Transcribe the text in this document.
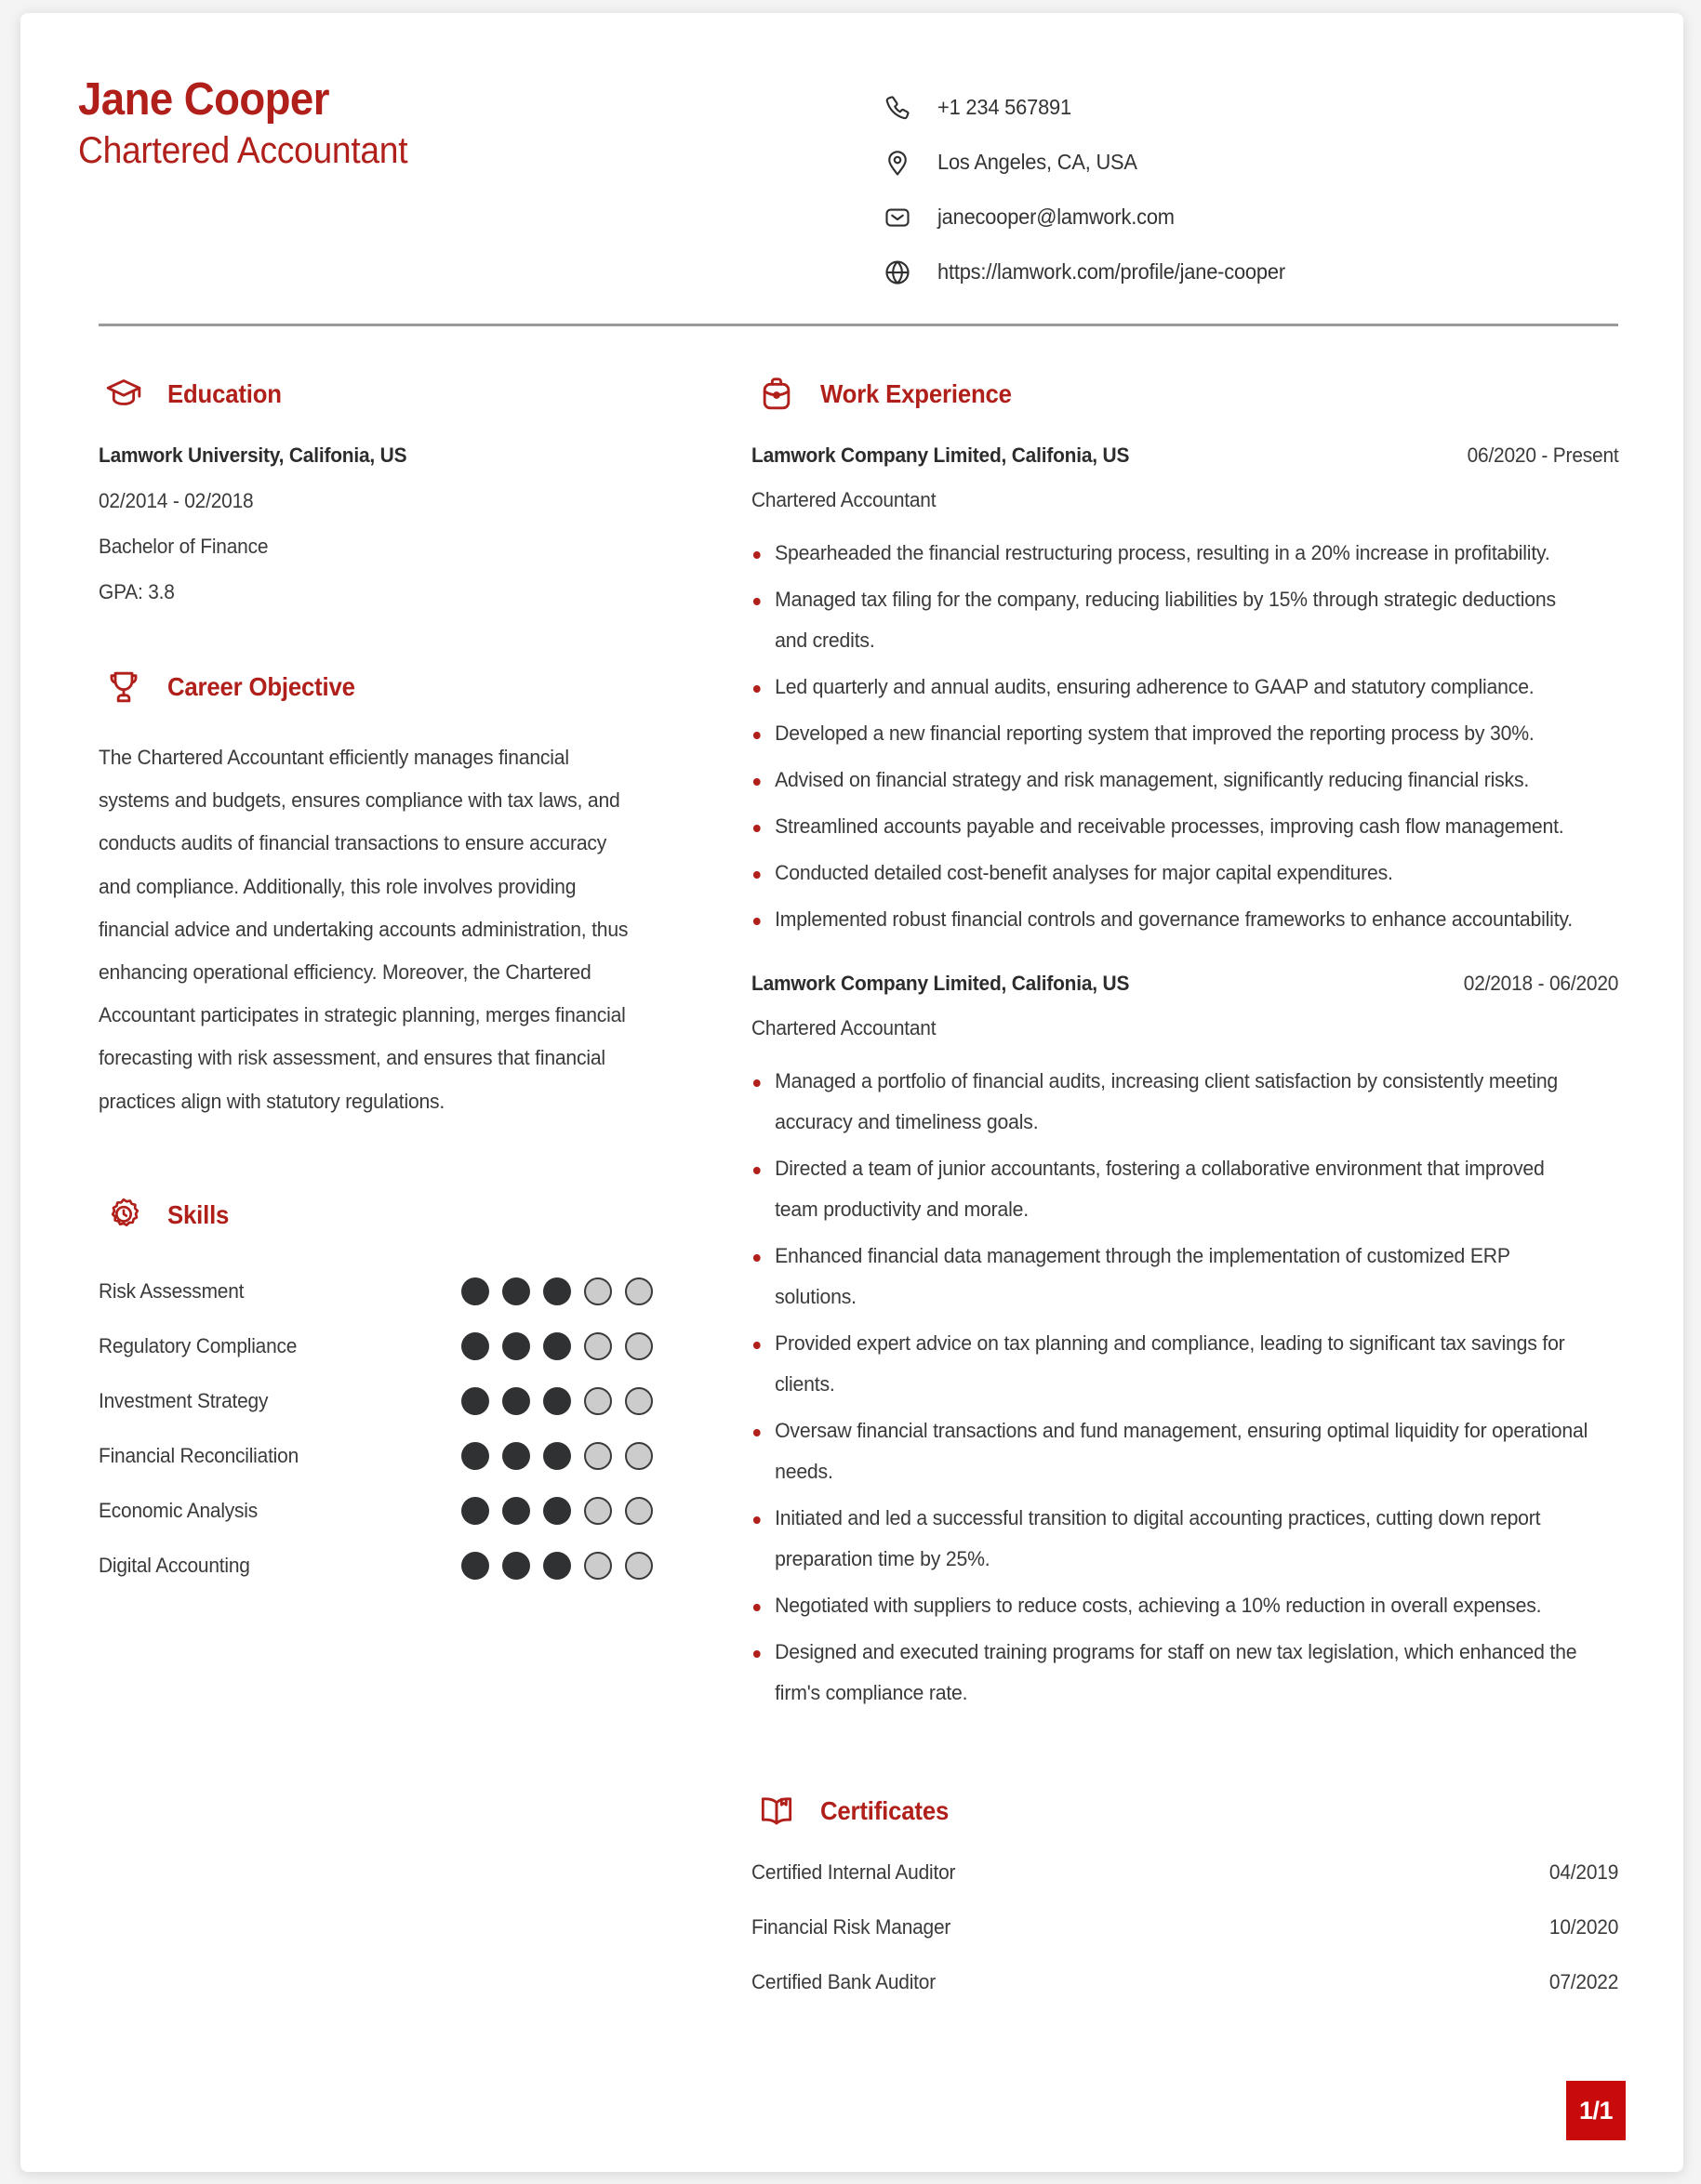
Jane Cooper
Chartered Accountant
+1 234 567891
Los Angeles, CA, USA
janecooper@lamwork.com
https://lamwork.com/profile/jane-cooper
Education
Lamwork University, Califonia, US
02/2014 - 02/2018
Bachelor of Finance
GPA: 3.8
Career Objective
The Chartered Accountant efficiently manages financial systems and budgets, ensures compliance with tax laws, and conducts audits of financial transactions to ensure accuracy and compliance. Additionally, this role involves providing financial advice and undertaking accounts administration, thus enhancing operational efficiency. Moreover, the Chartered Accountant participates in strategic planning, merges financial forecasting with risk assessment, and ensures that financial practices align with statutory regulations.
Skills
Risk Assessment
Regulatory Compliance
Investment Strategy
Financial Reconciliation
Economic Analysis
Digital Accounting
Work Experience
Lamwork Company Limited, Califonia, US	06/2020 - Present
Chartered Accountant
Spearheaded the financial restructuring process, resulting in a 20% increase in profitability.
Managed tax filing for the company, reducing liabilities by 15% through strategic deductions and credits.
Led quarterly and annual audits, ensuring adherence to GAAP and statutory compliance.
Developed a new financial reporting system that improved the reporting process by 30%.
Advised on financial strategy and risk management, significantly reducing financial risks.
Streamlined accounts payable and receivable processes, improving cash flow management.
Conducted detailed cost-benefit analyses for major capital expenditures.
Implemented robust financial controls and governance frameworks to enhance accountability.
Lamwork Company Limited, Califonia, US	02/2018 - 06/2020
Chartered Accountant
Managed a portfolio of financial audits, increasing client satisfaction by consistently meeting accuracy and timeliness goals.
Directed a team of junior accountants, fostering a collaborative environment that improved team productivity and morale.
Enhanced financial data management through the implementation of customized ERP solutions.
Provided expert advice on tax planning and compliance, leading to significant tax savings for clients.
Oversaw financial transactions and fund management, ensuring optimal liquidity for operational needs.
Initiated and led a successful transition to digital accounting practices, cutting down report preparation time by 25%.
Negotiated with suppliers to reduce costs, achieving a 10% reduction in overall expenses.
Designed and executed training programs for staff on new tax legislation, which enhanced the firm's compliance rate.
Certificates
Certified Internal Auditor	04/2019
Financial Risk Manager	10/2020
Certified Bank Auditor	07/2022
1/1
